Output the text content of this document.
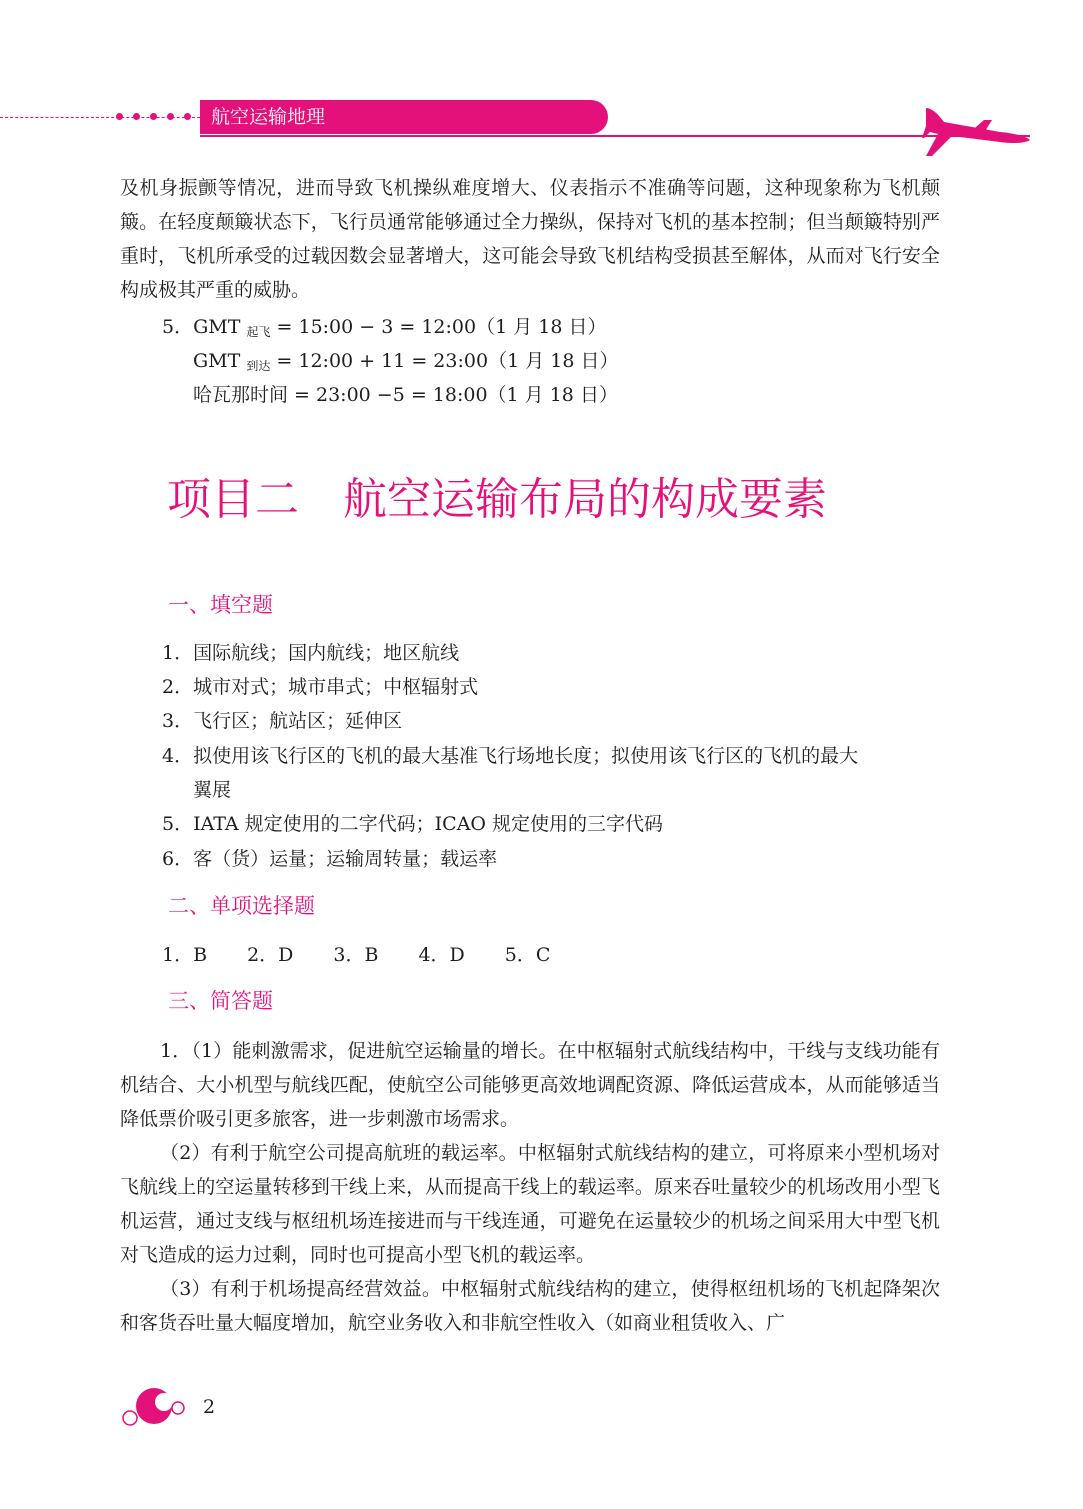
航空运输地理

及机身振颤等情况，进而导致飞机操纵难度增大、仪表指示不准确等问题，这种现象称为飞机颠簸。在轻度颠簸状态下，飞行员通常能够通过全力操纵，保持对飞机的基本控制；但当颠簸特别严重时，飞机所承受的过载因数会显著增大，这可能会导致飞机结构受损甚至解体，从而对飞行安全构成极其严重的威胁。

5．GMT $_{起飞}$ = 15:00 − 3 = 12:00（1 月 18 日）
GMT $_{到达}$ = 12:00 + 11 = 23:00（1 月 18 日）
哈瓦那时间 = 23:00 −5 = 18:00（1 月 18 日）
项目二　航空运输布局的构成要素
一、填空题
1．国际航线；国内航线；地区航线
2．城市对式；城市串式；中枢辐射式
3．飞行区；航站区；延伸区
4．拟使用该飞行区的飞机的最大基准飞行场地长度；拟使用该飞行区的飞机的最大
翼展
5．IATA 规定使用的二字代码；ICAO 规定使用的三字代码
6．客（货）运量；运输周转量；载运率
二、单项选择题
1．B 2．D 3．B 4．D 5．C
三、简答题

1．（1）能刺激需求，促进航空运输量的增长。在中枢辐射式航线结构中，干线与支线功能有机结合、大小机型与航线匹配，使航空公司能够更高效地调配资源、降低运营成本，从而能够适当降低票价吸引更多旅客，进一步刺激市场需求。

（2）有利于航空公司提高航班的载运率。中枢辐射式航线结构的建立，可将原来小型机场对飞航线上的空运量转移到干线上来，从而提高干线上的载运率。原来吞吐量较少的机场改用小型飞机运营，通过支线与枢纽机场连接进而与干线连通，可避免在运量较少的机场之间采用大中型飞机对飞造成的运力过剩，同时也可提高小型飞机的载运率。

（3）有利于机场提高经营效益。中枢辐射式航线结构的建立，使得枢纽机场的飞机起降架次和客货吞吐量大幅度增加，航空业务收入和非航空性收入（如商业租赁收入、广

2
